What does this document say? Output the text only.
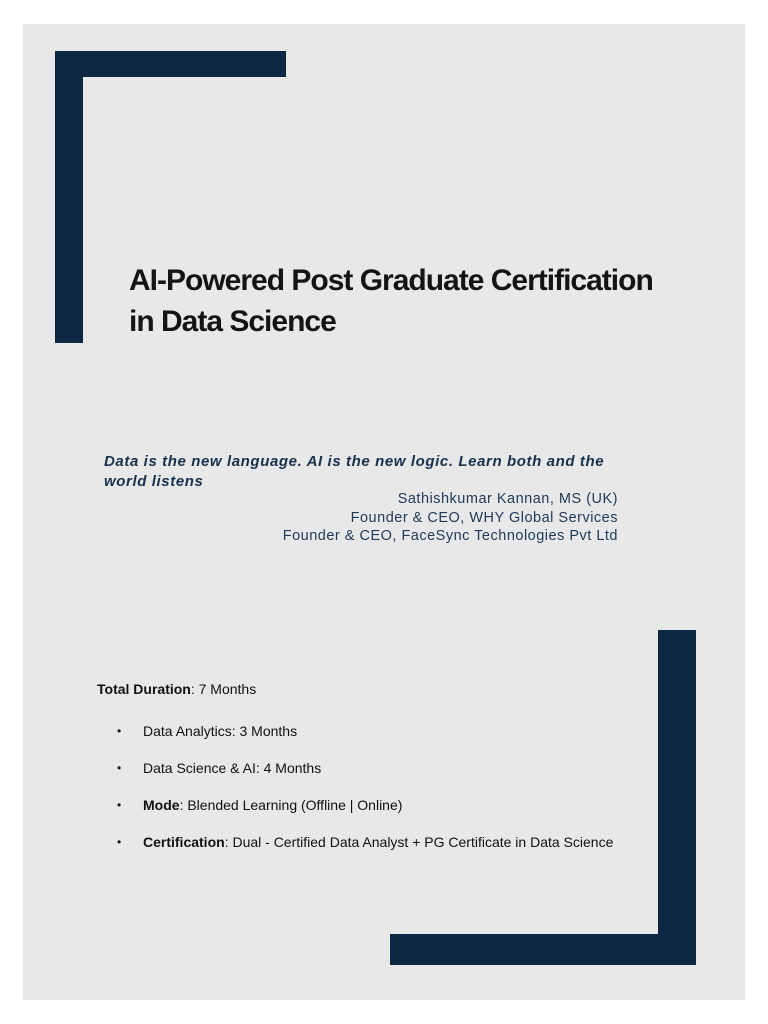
AI-Powered Post Graduate Certification
in Data Science
Data is the new language. AI is the new logic. Learn both and the world listens
Sathishkumar Kannan, MS (UK)
Founder & CEO, WHY Global Services
Founder & CEO, FaceSync Technologies Pvt Ltd

Total Duration: 7 Months

• Data Analytics: 3 Months
• Data Science & AI: 4 Months
• Mode: Blended Learning (Offline | Online)
• Certification: Dual - Certified Data Analyst + PG Certificate in Data Science
